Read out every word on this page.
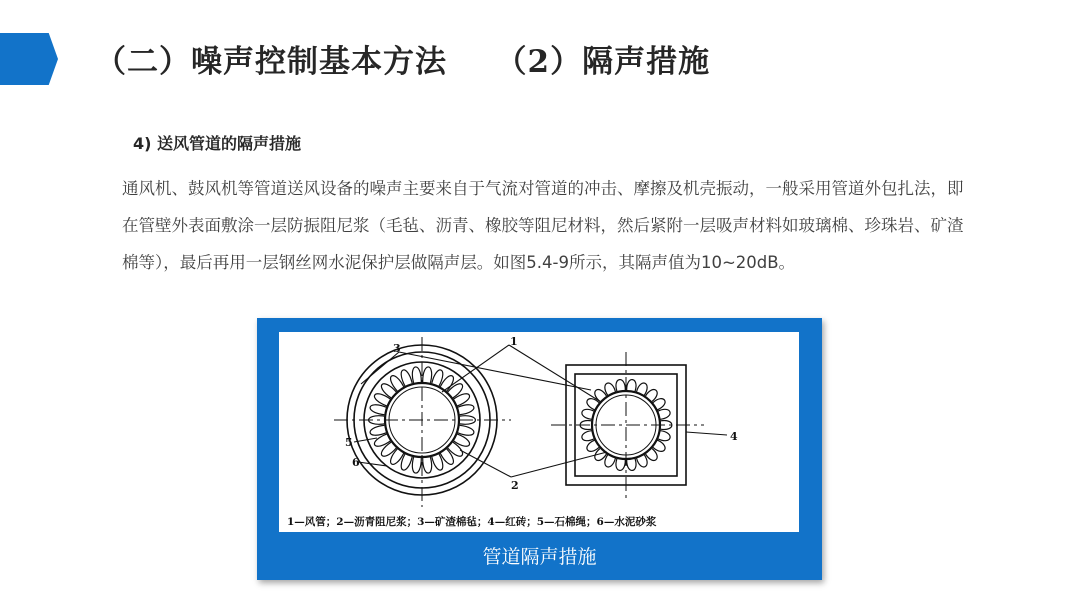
（二）噪声控制基本方法　　（2）隔声措施
4) 送风管道的隔声措施

通风机、鼓风机等管道送风设备的噪声主要来自于气流对管道的冲击、摩擦及机壳振动，一般采用管道外包扎法，即在管壁外表面敷涂一层防振阻尼浆（毛毡、沥青、橡胶等阻尼材料，然后紧附一层吸声材料如玻璃棉、珍珠岩、矿渣棉等），最后再用一层钢丝网水泥保护层做隔声层。如图5.4-9所示，其隔声值为10~20dB。

1
2
3
4
5
6

1—风管；2—沥青阻尼浆；3—矿渣棉毡；4—红砖；5—石棉绳；6—水泥砂浆

管道隔声措施
